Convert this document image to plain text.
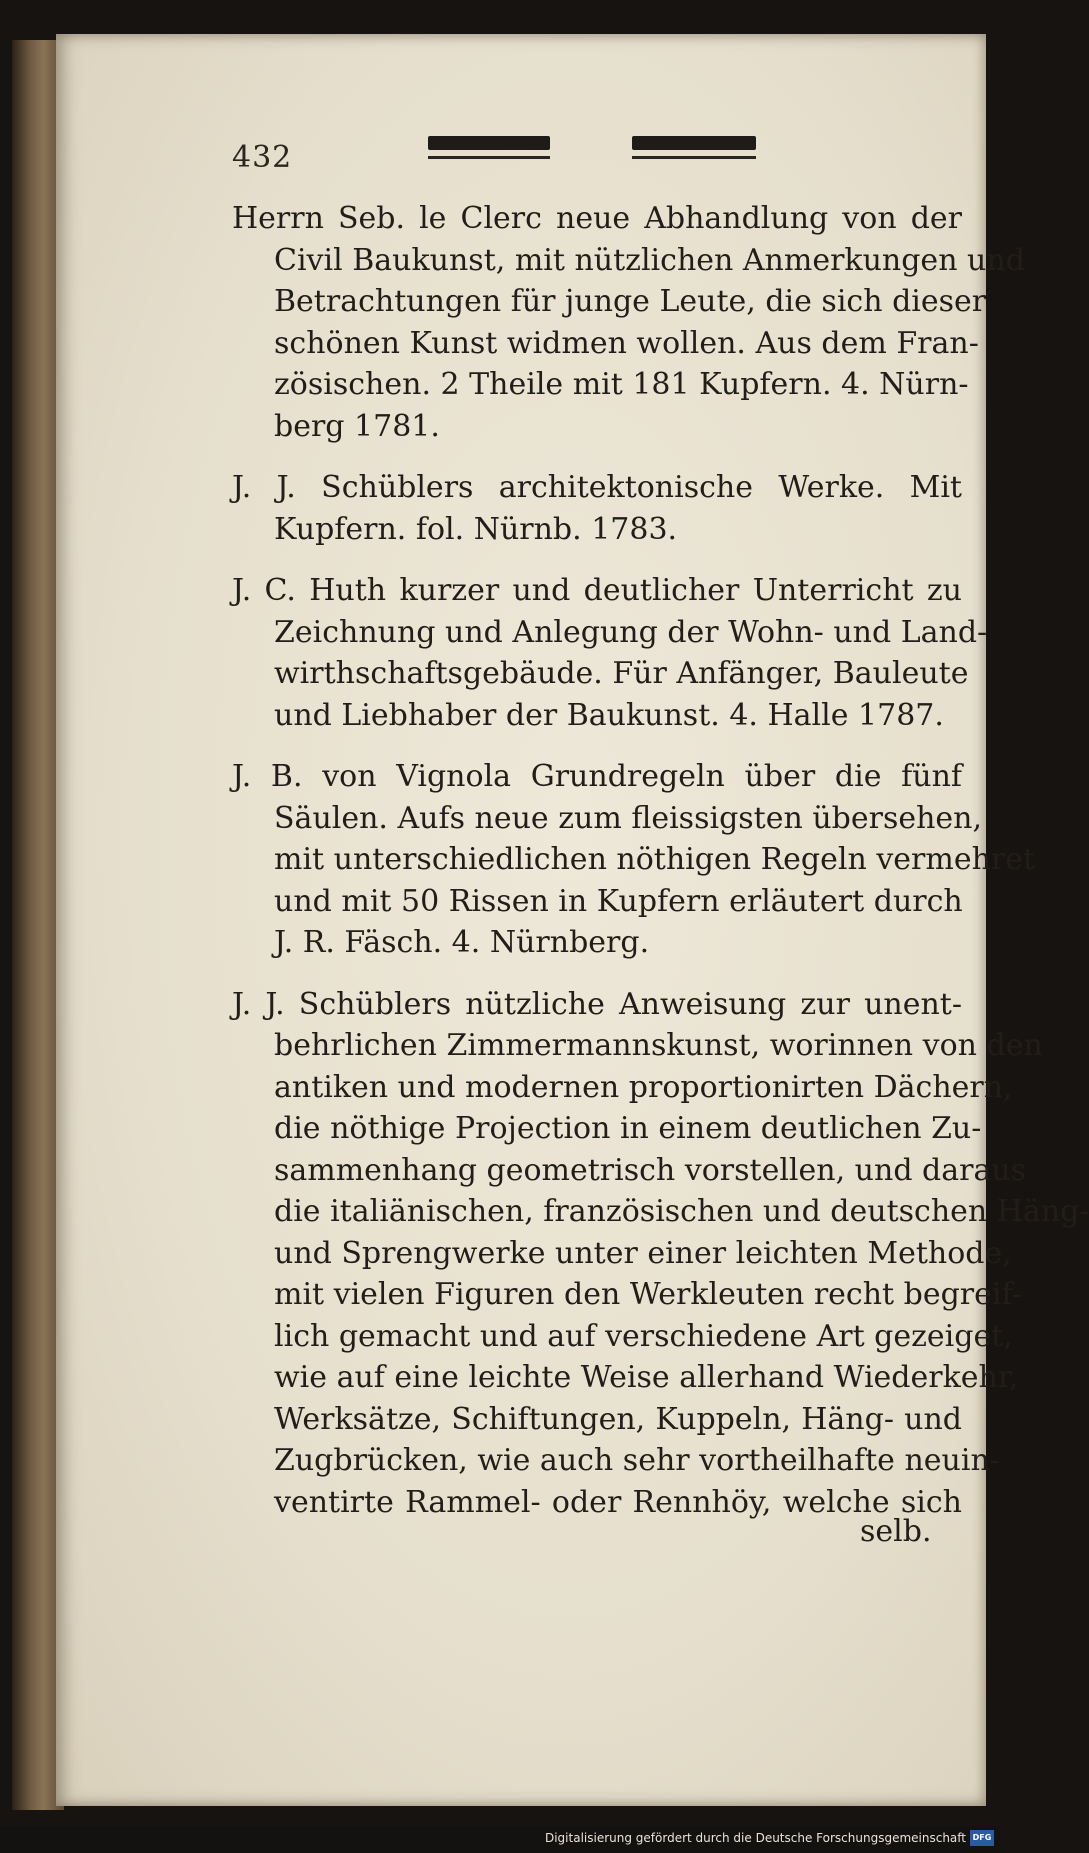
432
Herrn Seb. le Clerc neue Abhandlung von der
Civil Baukunst, mit nützlichen Anmerkungen und
Betrachtungen für junge Leute, die sich dieser
schönen Kunst widmen wollen. Aus dem Fran-
zösischen. 2 Theile mit 181 Kupfern. 4. Nürn-
berg 1781.
J. J. Schüblers architektonische Werke. Mit
Kupfern. fol. Nürnb. 1783.
J. C. Huth kurzer und deutlicher Unterricht zu
Zeichnung und Anlegung der Wohn- und Land-
wirthschaftsgebäude. Für Anfänger, Bauleute
und Liebhaber der Baukunst. 4. Halle 1787.
J. B. von Vignola Grundregeln über die fünf
Säulen. Aufs neue zum fleissigsten übersehen,
mit unterschiedlichen nöthigen Regeln vermehret
und mit 50 Rissen in Kupfern erläutert durch
J. R. Fäsch. 4. Nürnberg.
J. J. Schüblers nützliche Anweisung zur unent-
behrlichen Zimmermannskunst, worinnen von den
antiken und modernen proportionirten Dächern,
die nöthige Projection in einem deutlichen Zu-
sammenhang geometrisch vorstellen, und daraus
die italiänischen, französischen und deutschen Häng-
und Sprengwerke unter einer leichten Methode,
mit vielen Figuren den Werkleuten recht begreif-
lich gemacht und auf verschiedene Art gezeiget,
wie auf eine leichte Weise allerhand Wiederkehr,
Werksätze, Schiftungen, Kuppeln, Häng- und
Zugbrücken, wie auch sehr vortheilhafte neuin-
ventirte Rammel- oder Rennhöy, welche sich
selb.
Digitalisierung gefördert durch die Deutsche Forschungsgemeinschaft DFG
